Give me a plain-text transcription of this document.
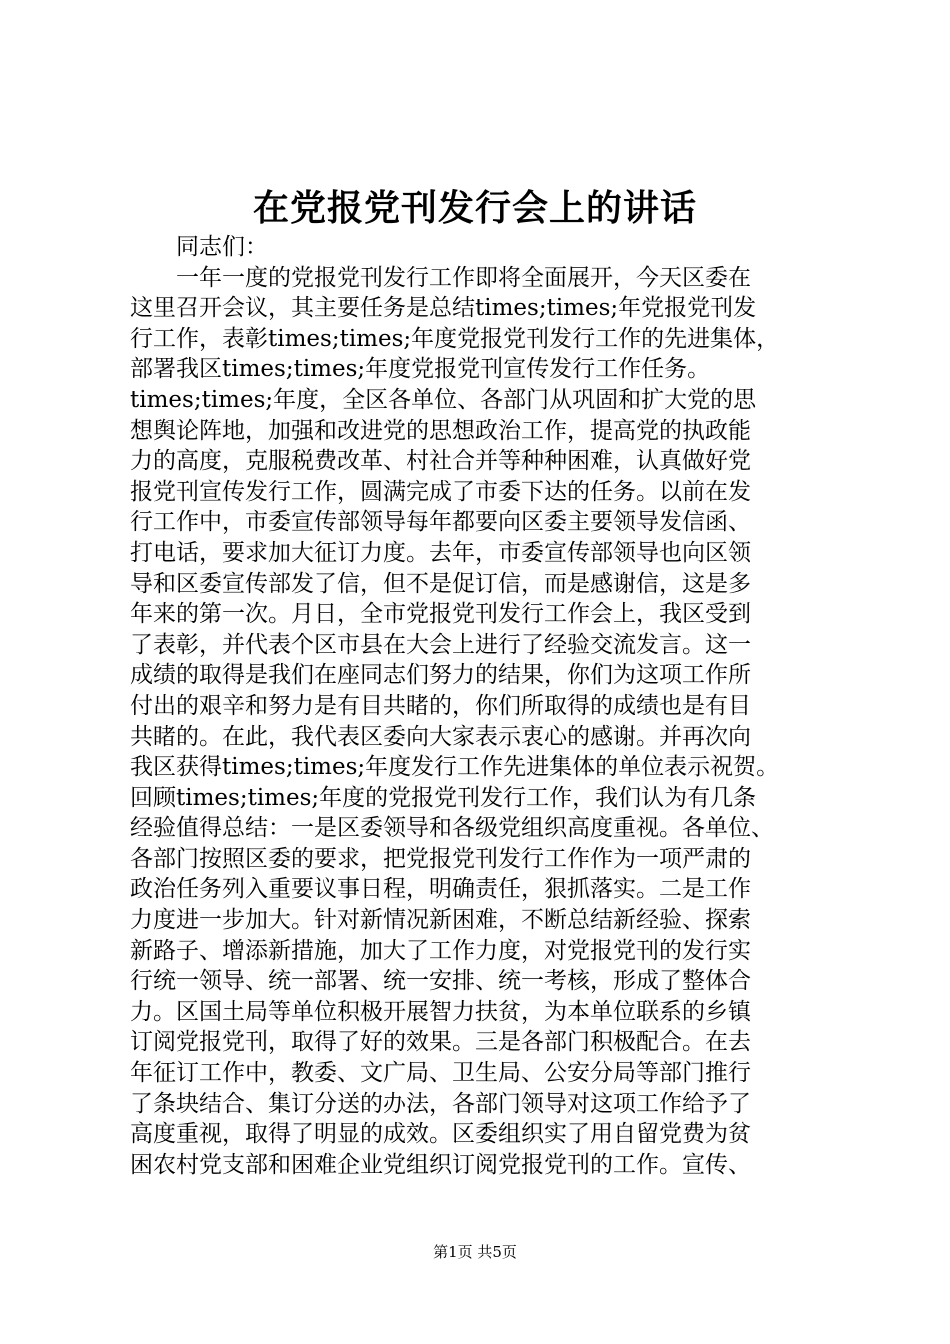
在党报党刊发行会上的讲话
同志们：
一年一度的党报党刊发行工作即将全面展开，今天区委在
这里召开会议，其主要任务是总结times;times;年党报党刊发
行工作，表彰times;times;年度党报党刊发行工作的先进集体，
部署我区times;times;年度党报党刊宣传发行工作任务。
times;times;年度，全区各单位、各部门从巩固和扩大党的思
想舆论阵地，加强和改进党的思想政治工作，提高党的执政能
力的高度，克服税费改革、村社合并等种种困难，认真做好党
报党刊宣传发行工作，圆满完成了市委下达的任务。以前在发
行工作中，市委宣传部领导每年都要向区委主要领导发信函、
打电话，要求加大征订力度。去年，市委宣传部领导也向区领
导和区委宣传部发了信，但不是促订信，而是感谢信，这是多
年来的第一次。月日，全市党报党刊发行工作会上，我区受到
了表彰，并代表个区市县在大会上进行了经验交流发言。这一
成绩的取得是我们在座同志们努力的结果，你们为这项工作所
付出的艰辛和努力是有目共睹的，你们所取得的成绩也是有目
共睹的。在此，我代表区委向大家表示衷心的感谢。并再次向
我区获得times;times;年度发行工作先进集体的单位表示祝贺。
回顾times;times;年度的党报党刊发行工作，我们认为有几条
经验值得总结：一是区委领导和各级党组织高度重视。各单位、
各部门按照区委的要求，把党报党刊发行工作作为一项严肃的
政治任务列入重要议事日程，明确责任，狠抓落实。二是工作
力度进一步加大。针对新情况新困难，不断总结新经验、探索
新路子、增添新措施，加大了工作力度，对党报党刊的发行实
行统一领导、统一部署、统一安排、统一考核，形成了整体合
力。区国土局等单位积极开展智力扶贫，为本单位联系的乡镇
订阅党报党刊，取得了好的效果。三是各部门积极配合。在去
年征订工作中，教委、文广局、卫生局、公安分局等部门推行
了条块结合、集订分送的办法，各部门领导对这项工作给予了
高度重视，取得了明显的成效。区委组织实了用自留党费为贫
困农村党支部和困难企业党组织订阅党报党刊的工作。宣传、
第1页 共5页
